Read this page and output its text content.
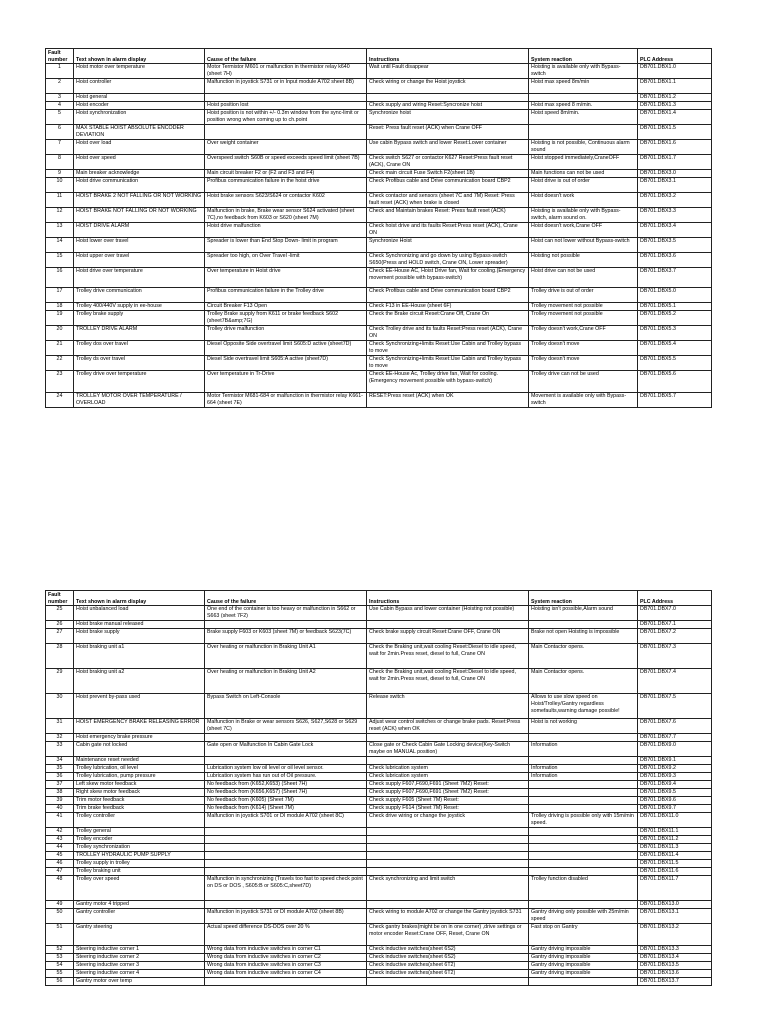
Fault number	Text shown in alarm display	Cause of the failure	Instructions	System reaction	PLC Address
1	Hoist motor over temperature	Motor Termistor M601 or malfunction in thermistor relay k640 (sheet 7H)	Wait until Fault disappear	Hoisting is available only with Bypass-switch	DB701.DBX1.0
2	Hoist controller	Malfunction in joystick S731 or in Input module A702 sheet 8B)	Check wiring or change the Hoist joystick	Hoist max speed 8m/min	DB701.DBX1.1
3	Hoist general				DB701.DBX1.2
4	Hoist encoder	Hoist position lost	Check supply and wiring Reset:Syncronize hoist	Hoist max speed 8 m/min.	DB701.DBX1.3
5	Hoist synchronization	Hoist position is not within +/- 0.3m window from the sync-limit or position wrong when coming up to ch.point	Synchronize hoist	Hoist speed 8m/min.	DB701.DBX1.4
6	MAX STABLE HOIST ABSOLUTE ENCODER DEVIATION		Reset: Press fault reset (ACK) when Crane OFF		DB701.DBX1.5
7	Hoist over load	Over weight container	Use cabin Bypass switch and lower Reset:Lower container	Hoisting is not possible, Continuous alarm sound	DB701.DBX1.6
8	Hoist over speed	Overspeed switch S60B or speed exceeds speed limit (sheet 7B)	Check switch S627 or contactor K627 Reset:Press fault reset (ACK), Crane ON	Hoist stopped immediately,CraneOFF	DB701.DBX1.7
9	Main breaker acknowledge	Main circuit breaker F2 or (F2 and F3 and F4)	Check main circuit Fuse Switch F2(sheet 1B)	Main functions can not be used	DB701.DBX3.0
10	Hoist drive communication	Profibus communication failure in the hoist drive	Check Profibus cable and Drive communication board CBP2	Hoist drive is out of order	DB701.DBX3.1
11	HOIST BRAKE 2 NOT FALLING OR NOT WORKING	Hoist brake sensors S623/S624 or contactor K602	Check contactor and sensors (sheet 7C and 7M) Reset: Press fault reset (ACK) when brake is closed	Hoist doesn't work	DB701.DBX3.2
12	HOIST BRAKE NOT FALLING OR NOT WORKING	Malfunction in brake, Brake wear sensor S624 activated (sheet 7C),no feedback from K603 or S620 (sheet 7M)	Check and Maintain brakes Reset: Press fault reset (ACK)	Hoisting is available only with Bypass-switch, alarm sound on.	DB701.DBX3.3
13	HOIST DRIVE ALARM	Hoist drive malfunction	Check hoist drive and its faults Reset:Press reset (ACK), Crane ON	Hoist doesn't work,Crane OFF	DB701.DBX3.4
14	Hoist lower over travel	Spreader is lower than End Stop Down- limit in program	Synchronize Hoist	Hoist can not lower without Bypass-switch	DB701.DBX3.5
15	Hoist upper over travel	Spreader too high, on Over Travel -limit	Check Synchronizing and go down by using Bypass-switch S650(Press and HOLD switch, Crane ON, Lower spreader)	Hoisting not possible	DB701.DBX3.6
16	Hoist drive over temperature	Over temperature in Hoist drive	Check EE-House AC, Hoist Drive fan, Wait for cooling.(Emergency movement possible with bypass-switch)	Hoist drive can not be used	DB701.DBX3.7
17	Trolley drive communication	Profibus communication failure in the Trolley drive	Check Profibus cable and Drive communication board CBP2	Trolley drive is out of order	DB701.DBX5.0
18	Trolley 400/440V supply in ee-house	Circuit Breaker F13 Open	Check F13 in EE-House (sheet 6F)	Trolley movement not possible	DB701.DBX5.1
19	Trolley brake supply	Trolley Brake supply from K611 or brake feedback S602 (sheet7B&amp;7G)	Check the Brake circuit Reset:Crane Off, Crane On	Trolley movement not possible	DB701.DBX5.2
20	TROLLEY DRIVE ALARM	Trolley drive malfunction	Check Trolley drive and its faults Reset:Press reset (ACK), Crane ON	Trolley doesn't work,Crane OFF	DB701.DBX5.3
21	Trolley dos over travel	Diesel Opposite Side overtravel limit S605:D active (sheet7D)	Check Synchronizing+limits Reset:Use Cabin and Trolley bypass to move	Trolley doesn't move	DB701.DBX5.4
22	Trolley ds over travel	Diesel Side overtravel limit S605:A active (sheet7D)	Check Synchronizing+limits Reset:Use Cabin and Trolley bypass to move	Trolley doesn't move	DB701.DBX5.5
23	Trolley drive over temperature	Over temperature in Tr-Drive	Check EE-House Ac, Trolley drive fan, Wait for cooling.(Emergency movement possible with bypass-switch)	Trolley drive can not be used	DB701.DBX5.6
24	TROLLEY MOTOR OVER TEMPERATURE / OVERLOAD	Motor Termistor M681-684 or malfunction in thermistor relay K661-664 (sheet 7E)	RESET:Press reset (ACK) when OK	Movement is available only with Bypass-switch	DB701.DBX5.7
Fault number	Text shown in alarm display	Cause of the failure	Instructions	System reaction	PLC Address
25	Hoist unbalanced load	One end of the container is too heavy or malfunction in S662 or S663 (sheet 7F2)	Use Cabin Bypass and lower container (Hoisting not possible)	Hoisting isn't possible,Alarm sound	DB701.DBX7.0
26	Hoist brake manual released				DB701.DBX7.1
27	Hoist brake supply	Brake supply F603 or K603 (sheet 7M) or feedback S623(7C)	Check brake supply circuit Reset:Crane OFF, Crane ON	Brake not open Hoisting is impossible	DB701.DBX7.2
28	Hoist braking unit a1	Over heating or malfunction in Braking Unit A1	Check the Braking unit,wait cooling Reset:Diesel to idle speed, wait for 2min.Press reset, diesel to full, Crane ON	Main Contactor opens.	DB701.DBX7.3
29	Hoist braking unit a2	Over heating or malfunction in Braking Unit A2	Check the Braking unit,wait cooling Reset:Diesel to idle speed, wait for 2min.Press reset, diesel to full, Crane ON	Main Contactor opens.	DB701.DBX7.4
30	Hoist prevent by-pass used	Bypass Switch on Left-Console	Release switch	Allows to use slow speed on Hoist/Trolley/Gantry regardless somefaults,warning damage possible!	DB701.DBX7.5
31	HOIST EMERGENCY BRAKE RELEASING ERROR	Malfunction in Brake or wear sensors S626, S627,S628 or S629 (sheet 7C)	Adjust wear control switches or change brake pads. Reset:Press reset (ACK) when OK	Hoist is not working	DB701.DBX7.6
32	Hoist emergency brake pressure				DB701.DBX7.7
33	Cabin gate not locked	Gate open or Malfunction In Cabin Gate Lock	Close gate or Check Cabin Gate Locking device(Key-Switch maybe on MANUAL position)	Information	DB701.DBX9.0
34	Maintenance reset needed				DB701.DBX9.1
35	Trolley lubrication, oil level	Lubrication system low oil level or oil level sensor.	Check lubrication system	Information	DB701.DBX9.2
36	Trolley lubrication, pump pressure	Lubrication system has run out of Oil pressure.	Check lubrication system	Information	DB701.DBX9.3
37	Left skew motor feedback	No feedback from (K652,K653) (Sheet 7H)	Check supply F607,F690,F691 (Sheet 7M2) Reset:		DB701.DBX9.4
38	Right skew motor feedback	No feedback from (K656,K657) (Sheet 7H)	Check supply F607,F690,F691 (Sheet 7M2) Reset:		DB701.DBX9.5
39	Trim motor feedback	No feedback from (K605) (Sheet 7M)	Check supply F605 (Sheet 7M) Reset:		DB701.DBX9.6
40	Trim brake feedback	No feedback from (K614) (Sheet 7M)	Check supply F614 (Sheet 7M) Reset:		DB701.DBX9.7
41	Trolley controller	Malfunction in joystick S701 or DI module A702 (sheet 8C)	Check drive wiring or change the joystick	Trolley driving is possible only with 15m/min speed.	DB701.DBX11.0
42	Trolley general				DB701.DBX11.1
43	Trolley encoder				DB701.DBX11.2
44	Trolley synchronization				DB701.DBX11.3
45	TROLLEY HYDRAULIC PUMP SUPPLY				DB701.DBX11.4
46	Trolley supply in trolley				DB701.DBX11.5
47	Trolley braking unit				DB701.DBX11.6
48	Trolley over speed	Malfunction in synchronizing (Travels too fast to speed check point on DS or DOS , S605:B or S605:C,sheet7D)	Check synchronizing and limit switch	Trolley function disabled	DB701.DBX11.7
49	Gantry motor 4 tripped				DB701.DBX13.0
50	Gantry controller	Malfunction in joystick S731 or DI module A702 (sheet 8B)	Check wiring to module A702 or change the Gantry joystick S731	Gantry driving only possible with 25m/min speed	DB701.DBX13.1
51	Gantry steering	Actual speed difference DS-DOS over 20 %	Check gantry brakes(might be on in one corner) ,drive settings or motor encoder Reset:Crane OFF, Reset, Crane ON	Fast stop on Gantry	DB701.DBX13.2
52	Steering inductive corner 1	Wrong data from inductive switches in corner C1	Check inductive switches(sheet 6S2)	Gantry driving impossible	DB701.DBX13.3
53	Steering inductive corner 2	Wrong data from inductive switches in corner C2	Check inductive switches(sheet 6S2)	Gantry driving impossible	DB701.DBX13.4
54	Steering inductive corner 3	Wrong data from inductive switches in corner C3	Check inductive switches(sheet 6T2)	Gantry driving impossible	DB701.DBX13.5
55	Steering inductive corner 4	Wrong data from inductive switches in corner C4	Check inductive switches(sheet 6T2)	Gantry driving impossible	DB701.DBX13.6
56	Gantry motor over temp				DB701.DBX13.7
